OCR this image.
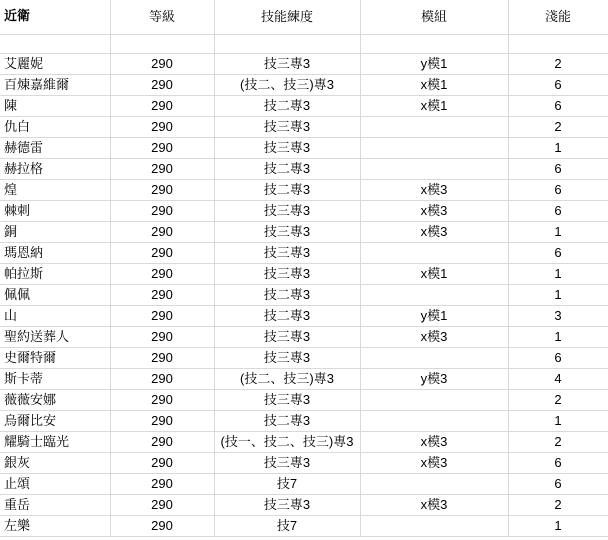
近衛	等級	技能練度	模組	淺能

艾麗妮	290	技三專3	y模1	2
百煉嘉維爾	290	(技二、技三)專3	x模1	6
陳	290	技二專3	x模1	6
仇白	290	技三專3		2
赫德雷	290	技三專3		1
赫拉格	290	技二專3		6
煌	290	技二專3	x模3	6
棘刺	290	技三專3	x模3	6
銅	290	技三專3	x模3	1
瑪恩納	290	技三專3		6
帕拉斯	290	技三專3	x模1	1
佩佩	290	技二專3		1
山	290	技二專3	y模1	3
聖約送葬人	290	技三專3	x模3	1
史爾特爾	290	技三專3		6
斯卡蒂	290	(技二、技三)專3	y模3	4
薇薇安娜	290	技三專3		2
烏爾比安	290	技二專3		1
耀騎士臨光	290	(技一、技二、技三)專3	x模3	2
銀灰	290	技三專3	x模3	6
止頌	290	技7		6
重岳	290	技三專3	x模3	2
左樂	290	技7		1
